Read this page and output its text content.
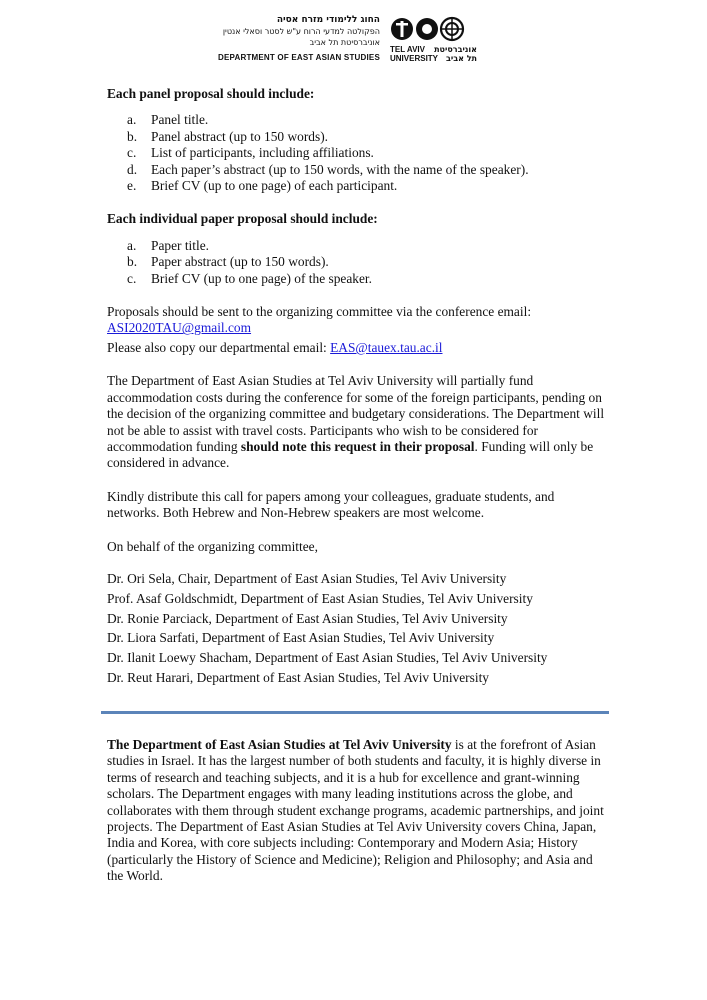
החוג ללימודי מזרח אסיה
הפקולטה למדעי הרוח ע"ש לסטר וסאלי אנטין
אוניברסיטת תל אביב
DEPARTMENT OF EAST ASIAN STUDIES
TEL AVIV
UNIVERSITY
אוניברסיטת
תל אביב

Each panel proposal should include:

a.	Panel title.
b.	Panel abstract (up to 150 words).
c.	List of participants, including affiliations.
d.	Each paper’s abstract (up to 150 words, with the name of the speaker).
e.	Brief CV (up to one page) of each participant.

Each individual paper proposal should include:

a.	Paper title.
b.	Paper abstract (up to 150 words).
c.	Brief CV (up to one page) of the speaker.

Proposals should be sent to the organizing committee via the conference email:
ASI2020TAU@gmail.com

Please also copy our departmental email: EAS@tauex.tau.ac.il

The Department of East Asian Studies at Tel Aviv University will partially fund accommodation costs during the conference for some of the foreign participants, pending on the decision of the organizing committee and budgetary considerations. The Department will not be able to assist with travel costs. Participants who wish to be considered for accommodation funding should note this request in their proposal. Funding will only be considered in advance.

Kindly distribute this call for papers among your colleagues, graduate students, and networks. Both Hebrew and Non-Hebrew speakers are most welcome.

On behalf of the organizing committee,

Dr. Ori Sela, Chair, Department of East Asian Studies, Tel Aviv University
Prof. Asaf Goldschmidt, Department of East Asian Studies, Tel Aviv University
Dr. Ronie Parciack, Department of East Asian Studies, Tel Aviv University
Dr. Liora Sarfati, Department of East Asian Studies, Tel Aviv University
Dr. Ilanit Loewy Shacham, Department of East Asian Studies, Tel Aviv University
Dr. Reut Harari, Department of East Asian Studies, Tel Aviv University
The Department of East Asian Studies at Tel Aviv University is at the forefront of Asian studies in Israel. It has the largest number of both students and faculty, it is highly diverse in terms of research and teaching subjects, and it is a hub for excellence and grant-winning scholars. The Department engages with many leading institutions across the globe, and collaborates with them through student exchange programs, academic partnerships, and joint projects. The Department of East Asian Studies at Tel Aviv University covers China, Japan, India and Korea, with core subjects including: Contemporary and Modern Asia; History (particularly the History of Science and Medicine); Religion and Philosophy; and Asia and the World.
